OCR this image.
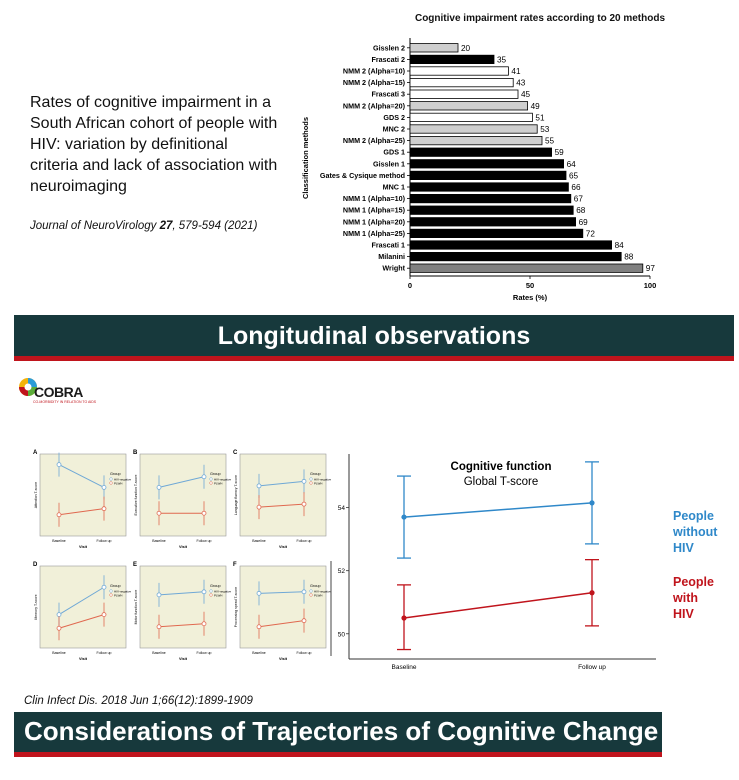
Rates of cognitive impairment in a South African cohort of people with HIV: variation by definitional criteria and lack of association with neuroimaging
Journal of NeuroVirology 27, 579-594 (2021)
Cognitive impairment rates according to 20 methods
Gisslen 2	20
Frascati 2	35
NMM 2 (Alpha=10)	41
NMM 2 (Alpha=15)	43
Frascati 3	45
NMM 2 (Alpha=20)	49
GDS 2	51
MNC 2	53
NMM 2 (Alpha=25)	55
GDS 1	59
Gisslen 1	64
Gates & Cysique method	65
MNC 1	66
NMM 1 (Alpha=10)	67
NMM 1 (Alpha=15)	68
NMM 1 (Alpha=20)	69
NMM 1 (Alpha=25)	72
Frascati 1	84
Milanini	88
Wright	97
0	50	100
Rates (%)
Classification methods
Longitudinal observations
COBRA
CO-MORBIDITY IN RELATION TO AIDS
A
Baseline	Follow up
Visit
Attention T-score
Group
HIV-negative
PLWH
B
Baseline	Follow up
Visit
Executive function T-score
Group
HIV-negative
PLWH
C
Baseline	Follow up
Visit
Language fluency T-score
Group
HIV-negative
PLWH
D
Baseline	Follow up
Visit
Memory T-score
Group
HIV-negative
PLWH
E
Baseline	Follow up
Visit
Motor function T-score
Group
HIV-negative
PLWH
F
Baseline	Follow up
Visit
Processing speed T-score
Group
HIV-negative
PLWH
50
52
54
Baseline	Follow up
Cognitive function
Global T-score
People
without
HIV
People
with
HIV
Clin Infect Dis. 2018 Jun 1;66(12):1899-1909
Considerations of Trajectories of Cognitive Change
